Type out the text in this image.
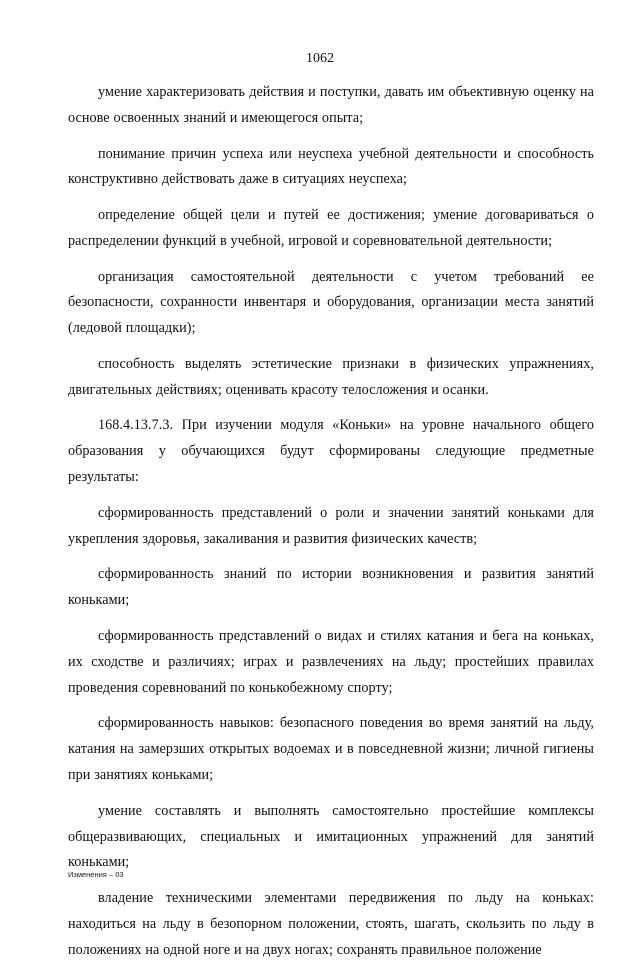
1062

умение характеризовать действия и поступки, давать им объективную оценку на основе освоенных знаний и имеющегося опыта;

понимание причин успеха или неуспеха учебной деятельности и способность конструктивно действовать даже в ситуациях неуспеха;

определение общей цели и путей ее достижения; умение договариваться о распределении функций в учебной, игровой и соревновательной деятельности;

организация самостоятельной деятельности с учетом требований ее безопасности, сохранности инвентаря и оборудования, организации места занятий (ледовой площадки);

способность выделять эстетические признаки в физических упражнениях, двигательных действиях; оценивать красоту телосложения и осанки.

168.4.13.7.3. При изучении модуля «Коньки» на уровне начального общего образования у обучающихся будут сформированы следующие предметные результаты:

сформированность представлений о роли и значении занятий коньками для укрепления здоровья, закаливания и развития физических качеств;

сформированность знаний по истории возникновения и развития занятий коньками;

сформированность представлений о видах и стилях катания и бега на коньках, их сходстве и различиях; играх и развлечениях на льду; простейших правилах проведения соревнований по конькобежному спорту;

сформированность навыков: безопасного поведения во время занятий на льду, катания на замерзших открытых водоемах и в повседневной жизни; личной гигиены при занятиях коньками;

умение составлять и выполнять самостоятельно простейшие комплексы общеразвивающих, специальных и имитационных упражнений для занятий коньками;

владение техническими элементами передвижения по льду на коньках: находиться на льду в безопорном положении, стоять, шагать, скользить по льду в положениях на одной ноге и на двух ногах; сохранять правильное положение

Изменения – 03
